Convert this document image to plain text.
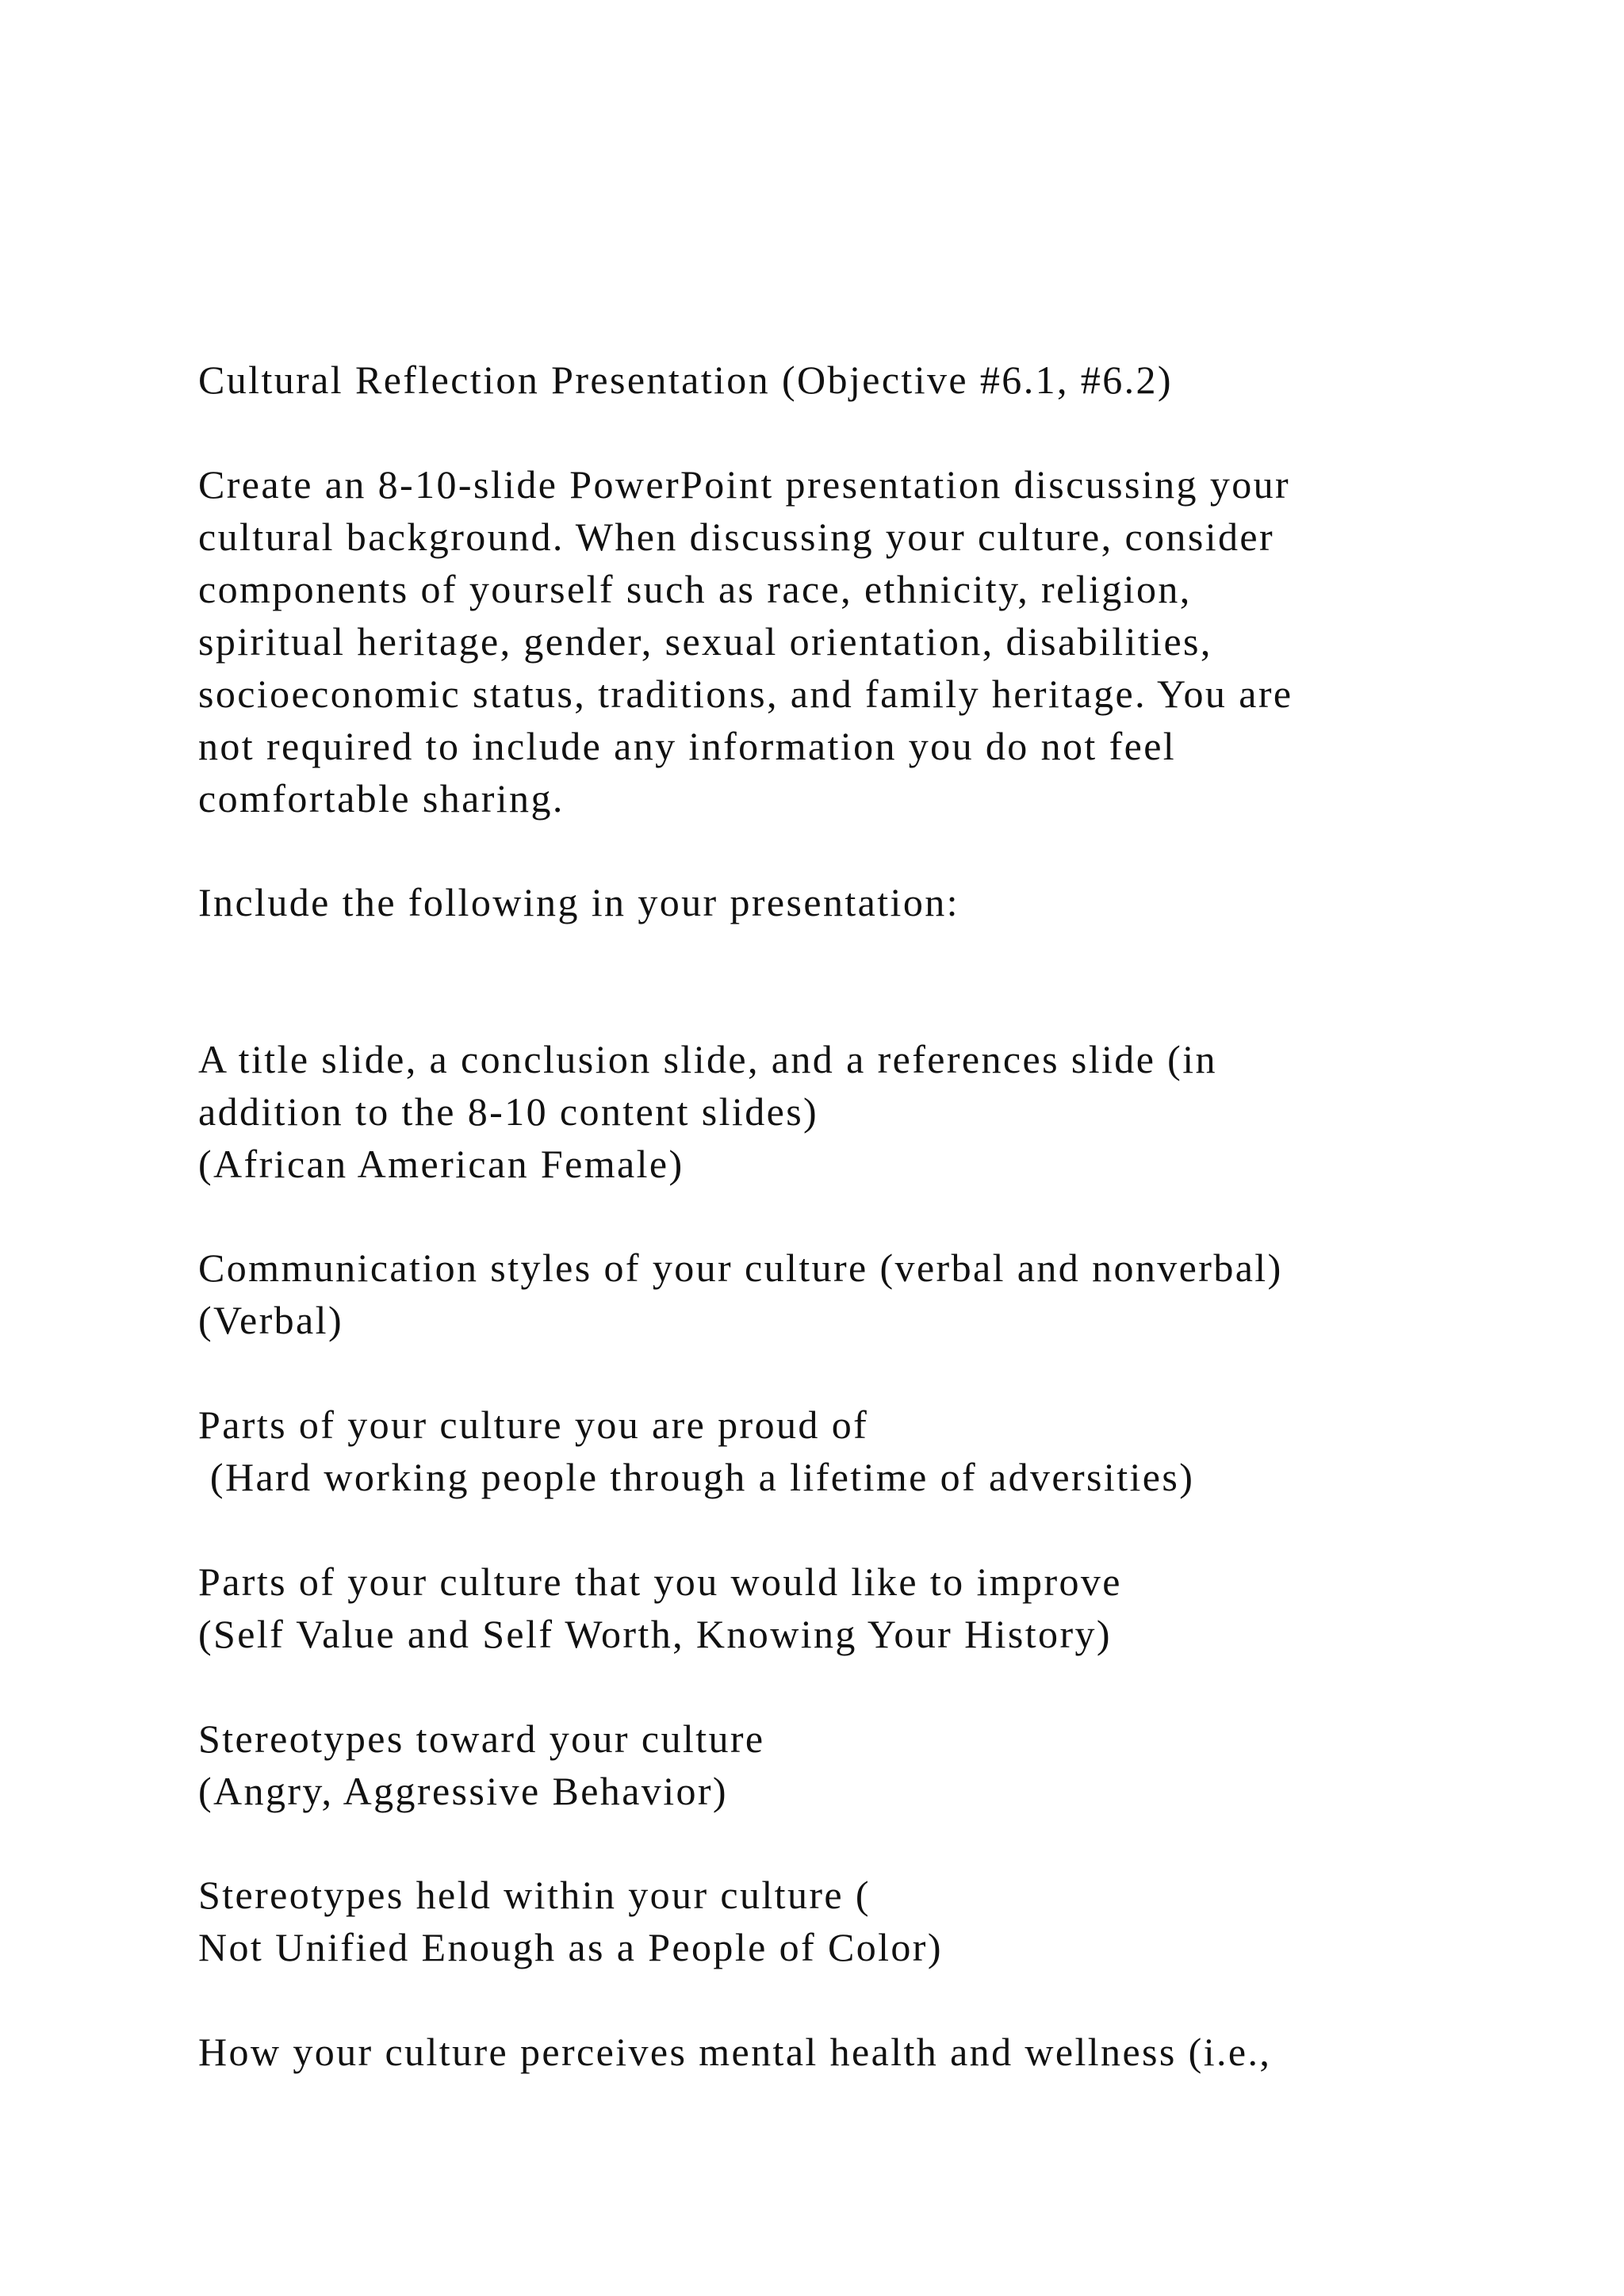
Cultural Reflection Presentation (Objective #6.1, #6.2)
Create an 8-10-slide PowerPoint presentation discussing your
cultural background. When discussing your culture, consider
components of yourself such as race, ethnicity, religion,
spiritual heritage, gender, sexual orientation, disabilities,
socioeconomic status, traditions, and family heritage. You are
not required to include any information you do not feel
comfortable sharing.
Include the following in your presentation:
A title slide, a conclusion slide, and a references slide (in
addition to the 8-10 content slides)
(African American Female)
Communication styles of your culture (verbal and nonverbal)
(Verbal)
Parts of your culture you are proud of
(Hard working people through a lifetime of adversities)
Parts of your culture that you would like to improve
(Self Value and Self Worth, Knowing Your History)
Stereotypes toward your culture
(Angry, Aggressive Behavior)
Stereotypes held within your culture (
Not Unified Enough as a People of Color)
How your culture perceives mental health and wellness (i.e.,
